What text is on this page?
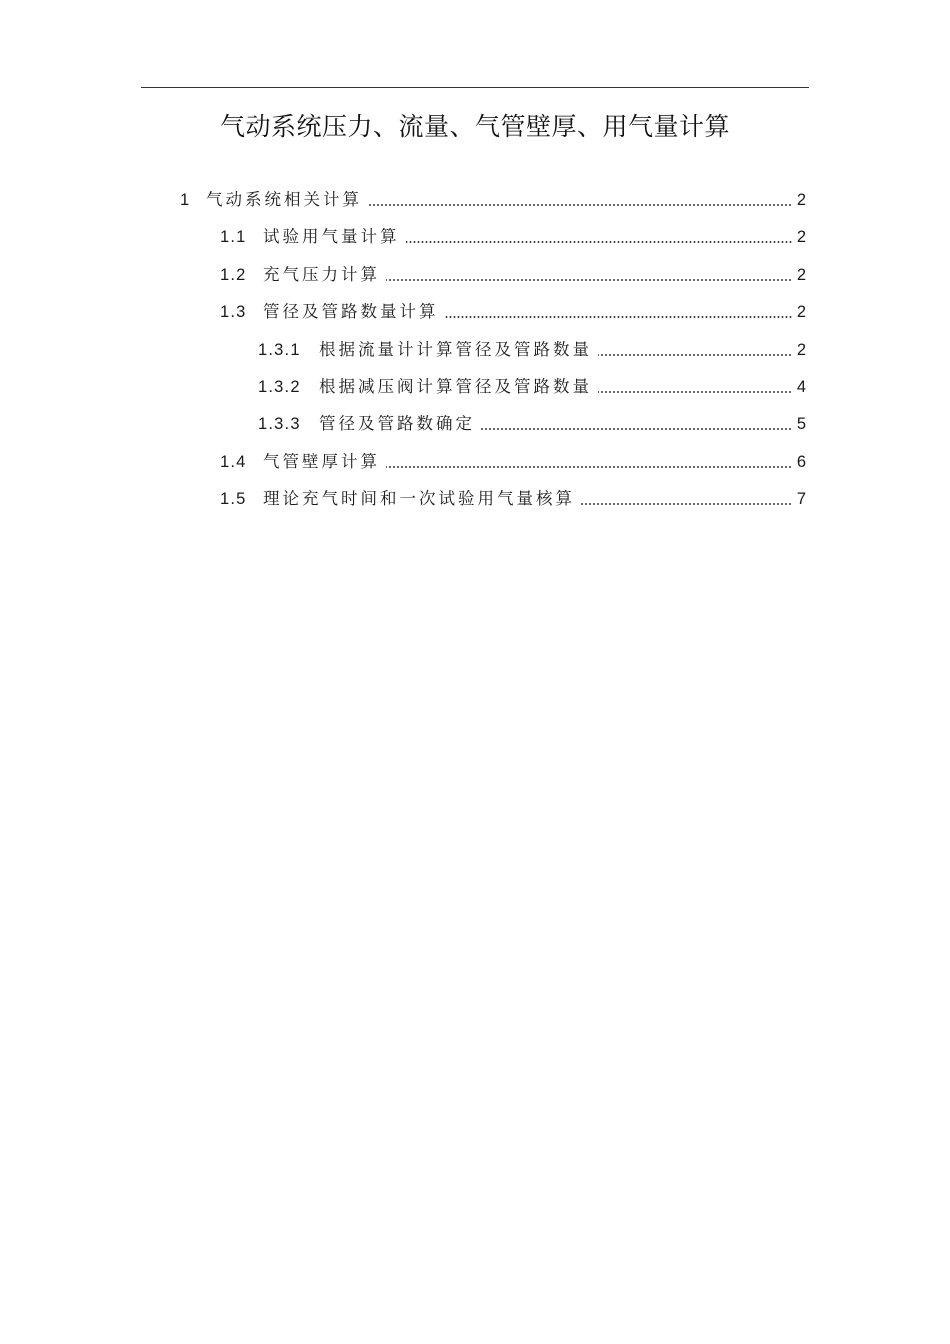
气动系统压力、流量、气管壁厚、用气量计算
1 气动系统相关计算	2
1.1 试验用气量计算	2
1.2 充气压力计算	2
1.3 管径及管路数量计算	2
1.3.1	根据流量计计算管径及管路数量	2
1.3.2	根据减压阀计算管径及管路数量	4
1.3.3	管径及管路数确定	5
1.4 气管壁厚计算	6
1.5 理论充气时间和一次试验用气量核算	7
